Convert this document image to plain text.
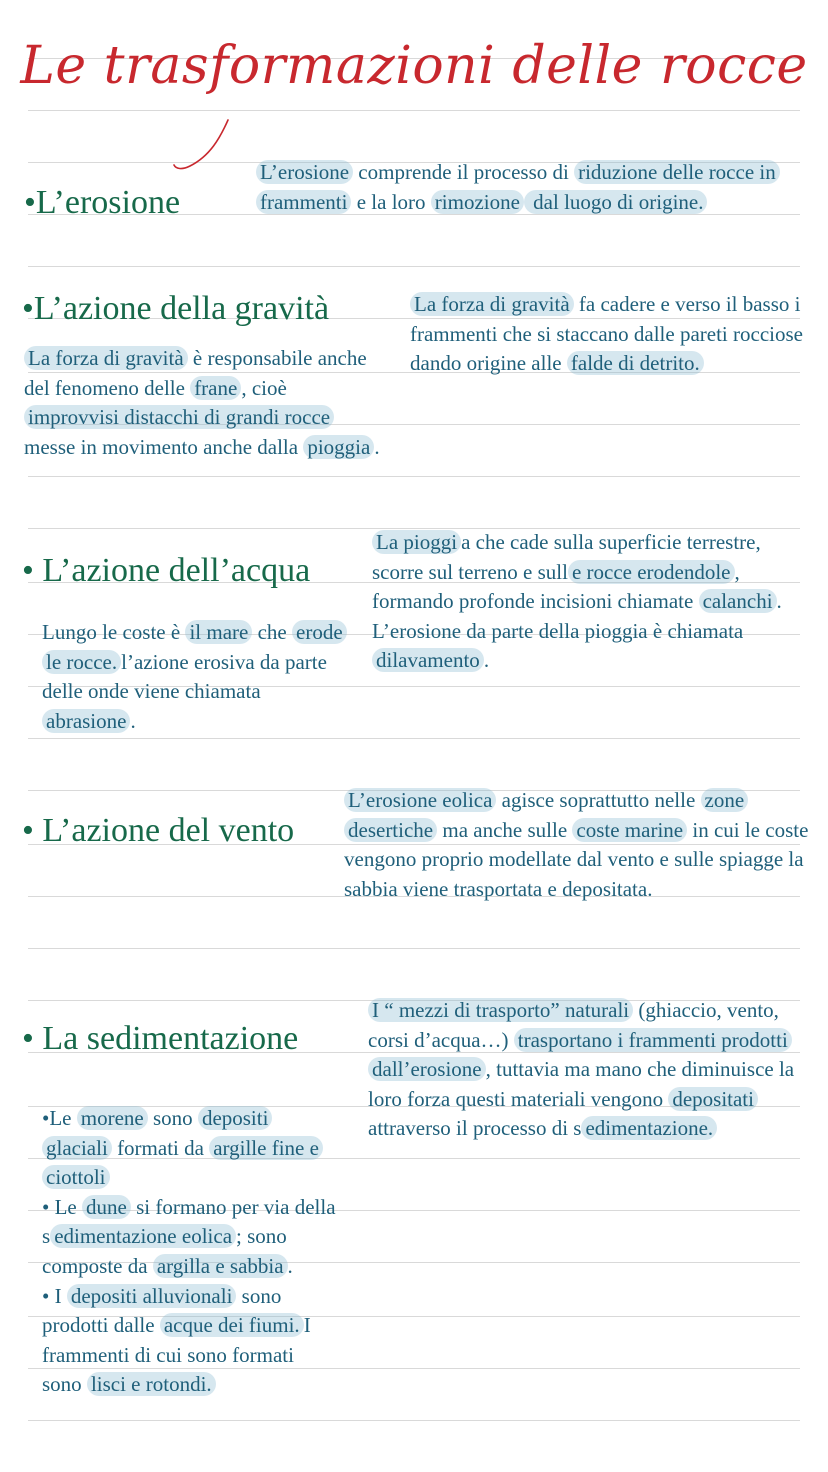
Le trasformazioni delle rocce
•L’erosione

L’erosione comprende il processo di riduzione delle rocce in frammenti e la loro rimozione dal luogo di origine.

•L’azione della gravità	La forza di gravità fa cadere e verso il basso i frammenti che si staccano dalle pareti rocciose dando origine alle falde di detrito.

La forza di gravità è responsabile anche del fenomeno delle frane , cioè improvvisi distacchi di grandi rocce messe in movimento anche dalla pioggia .

• L’azione dell’acqua

La pioggi a che cade sulla superficie terrestre, scorre sul terreno e sull e rocce erodendole , formando profonde incisioni chiamate calanchi . L’erosione da parte della pioggia è chiamata dilavamento .

Lungo le coste è il mare che erode le rocce. l’azione erosiva da parte delle onde viene chiamata abrasione .

• L’azione del vento

L’erosione eolica agisce soprattutto nelle zone desertiche ma anche sulle coste marine in cui le coste vengono proprio modellate dal vento e sulle spiagge la sabbia viene trasportata e depositata.

• La sedimentazione

I “ mezzi di trasporto” naturali (ghiaccio, vento, corsi d’acqua…) trasportano i frammenti prodotti dall’erosione , tuttavia ma mano che diminuisce la loro forza questi materiali vengono depositati attraverso il processo di s edimentazione.

•Le morene sono depositi glaciali formati da argille fine e ciottoli
• Le dune si formano per via della s edimentazione eolica ; sono composte da argilla e sabbia .
• I depositi alluvionali sono prodotti dalle acque dei fiumi. I frammenti di cui sono formati sono lisci e rotondi.
